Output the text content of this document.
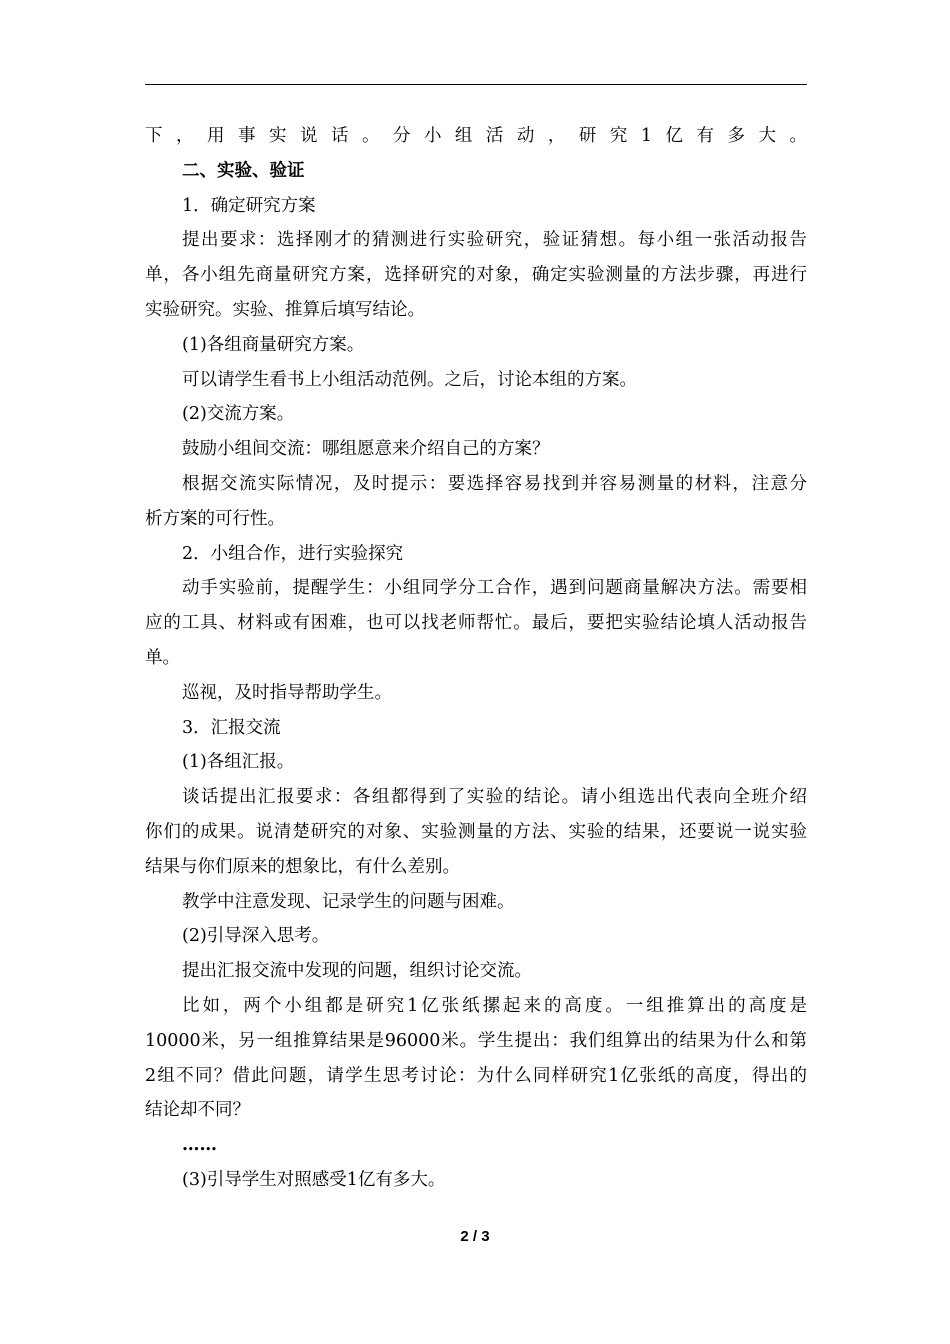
下，用事实说话。分小组活动，研究1亿有多大。

二、实验、验证

1．确定研究方案

提出要求：选择刚才的猜测进行实验研究，验证猜想。每小组一张活动报告

单，各小组先商量研究方案，选择研究的对象，确定实验测量的方法步骤，再进行

实验研究。实验、推算后填写结论。

(1)各组商量研究方案。

可以请学生看书上小组活动范例。之后，讨论本组的方案。

(2)交流方案。

鼓励小组间交流：哪组愿意来介绍自己的方案？

根据交流实际情况，及时提示：要选择容易找到并容易测量的材料，注意分

析方案的可行性。

2．小组合作，进行实验探究

动手实验前，提醒学生：小组同学分工合作，遇到问题商量解决方法。需要相

应的工具、材料或有困难，也可以找老师帮忙。最后，要把实验结论填人活动报告

单。

巡视，及时指导帮助学生。

3．汇报交流

(1)各组汇报。

谈话提出汇报要求：各组都得到了实验的结论。请小组选出代表向全班介绍

你们的成果。说清楚研究的对象、实验测量的方法、实验的结果，还要说一说实验

结果与你们原来的想象比，有什么差别。

教学中注意发现、记录学生的问题与困难。

(2)引导深入思考。

提出汇报交流中发现的问题，组织讨论交流。

比如，两个小组都是研究1亿张纸摞起来的高度。一组推算出的高度是

10000米，另一组推算结果是96000米。学生提出：我们组算出的结果为什么和第

2组不同？借此问题，请学生思考讨论：为什么同样研究1亿张纸的高度，得出的

结论却不同？

……

(3)引导学生对照感受1亿有多大。

2 / 3
